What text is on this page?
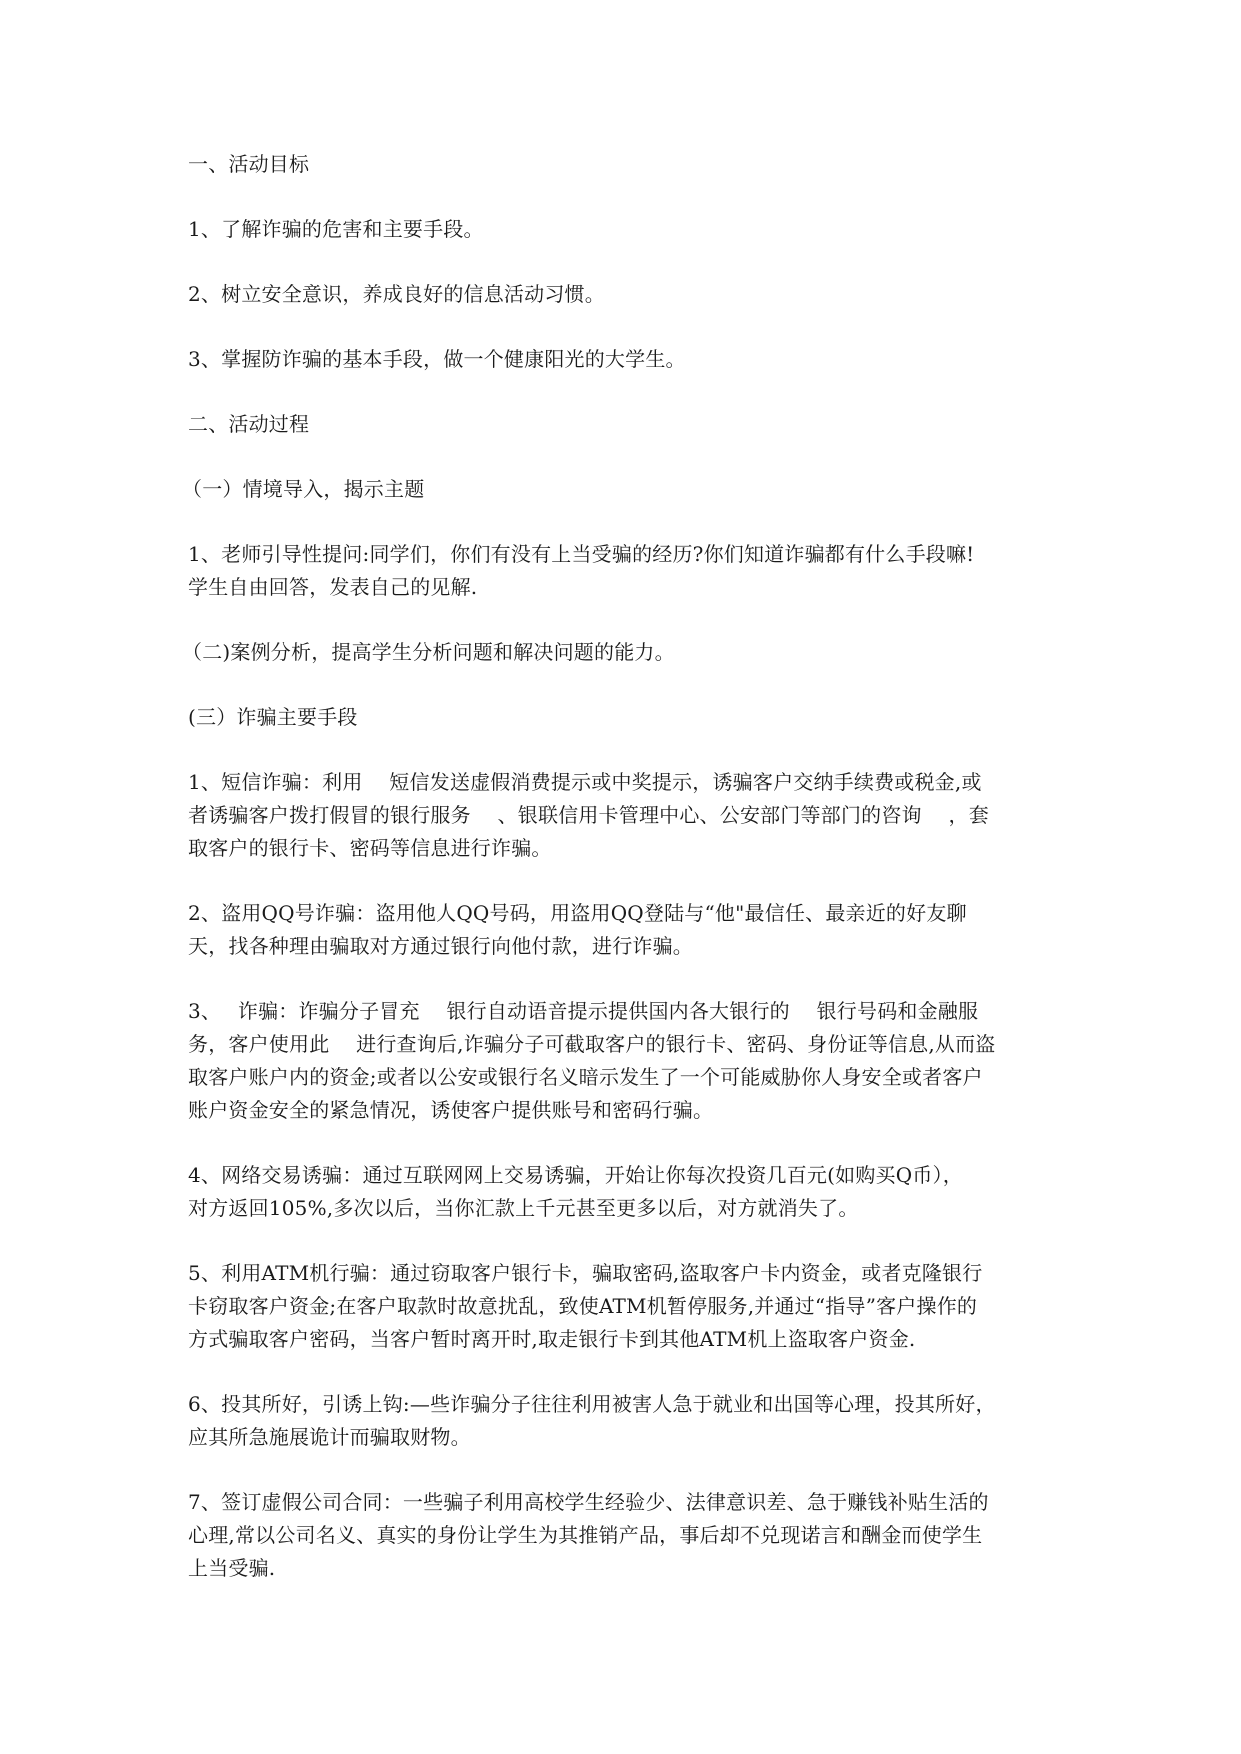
一、活动目标

1、了解诈骗的危害和主要手段。

2、树立安全意识，养成良好的信息活动习惯。

3、掌握防诈骗的基本手段，做一个健康阳光的大学生。

二、活动过程

（一）情境导入，揭示主题

1、老师引导性提问:同学们，你们有没有上当受骗的经历?你们知道诈骗都有什么手段嘛!
学生自由回答，发表自己的见解.

（二)案例分析，提高学生分析问题和解决问题的能力。

(三）诈骗主要手段

1、短信诈骗：利用　 短信发送虚假消费提示或中奖提示，诱骗客户交纳手续费或税金,或
者诱骗客户拨打假冒的银行服务　 、银联信用卡管理中心、公安部门等部门的咨询　 ，套
取客户的银行卡、密码等信息进行诈骗。

2、盗用QQ号诈骗：盗用他人QQ号码，用盗用QQ登陆与“他"最信任、最亲近的好友聊
天，找各种理由骗取对方通过银行向他付款，进行诈骗。

3、　 诈骗：诈骗分子冒充　 银行自动语音提示提供国内各大银行的　 银行号码和金融服
务，客户使用此　 进行查询后,诈骗分子可截取客户的银行卡、密码、身份证等信息,从而盗
取客户账户内的资金;或者以公安或银行名义暗示发生了一个可能威胁你人身安全或者客户
账户资金安全的紧急情况，诱使客户提供账号和密码行骗。

4、网络交易诱骗：通过互联网网上交易诱骗，开始让你每次投资几百元(如购买Q币），
对方返回105%,多次以后，当你汇款上千元甚至更多以后，对方就消失了。

5、利用ATM机行骗：通过窃取客户银行卡，骗取密码,盗取客户卡内资金，或者克隆银行
卡窃取客户资金;在客户取款时故意扰乱，致使ATM机暂停服务,并通过“指导”客户操作的
方式骗取客户密码，当客户暂时离开时,取走银行卡到其他ATM机上盗取客户资金.

6、投其所好，引诱上钩:—些诈骗分子往往利用被害人急于就业和出国等心理，投其所好，
应其所急施展诡计而骗取财物。

7、签订虚假公司合同：一些骗子利用高校学生经验少、法律意识差、急于赚钱补贴生活的
心理,常以公司名义、真实的身份让学生为其推销产品，事后却不兑现诺言和酬金而使学生
上当受骗.
